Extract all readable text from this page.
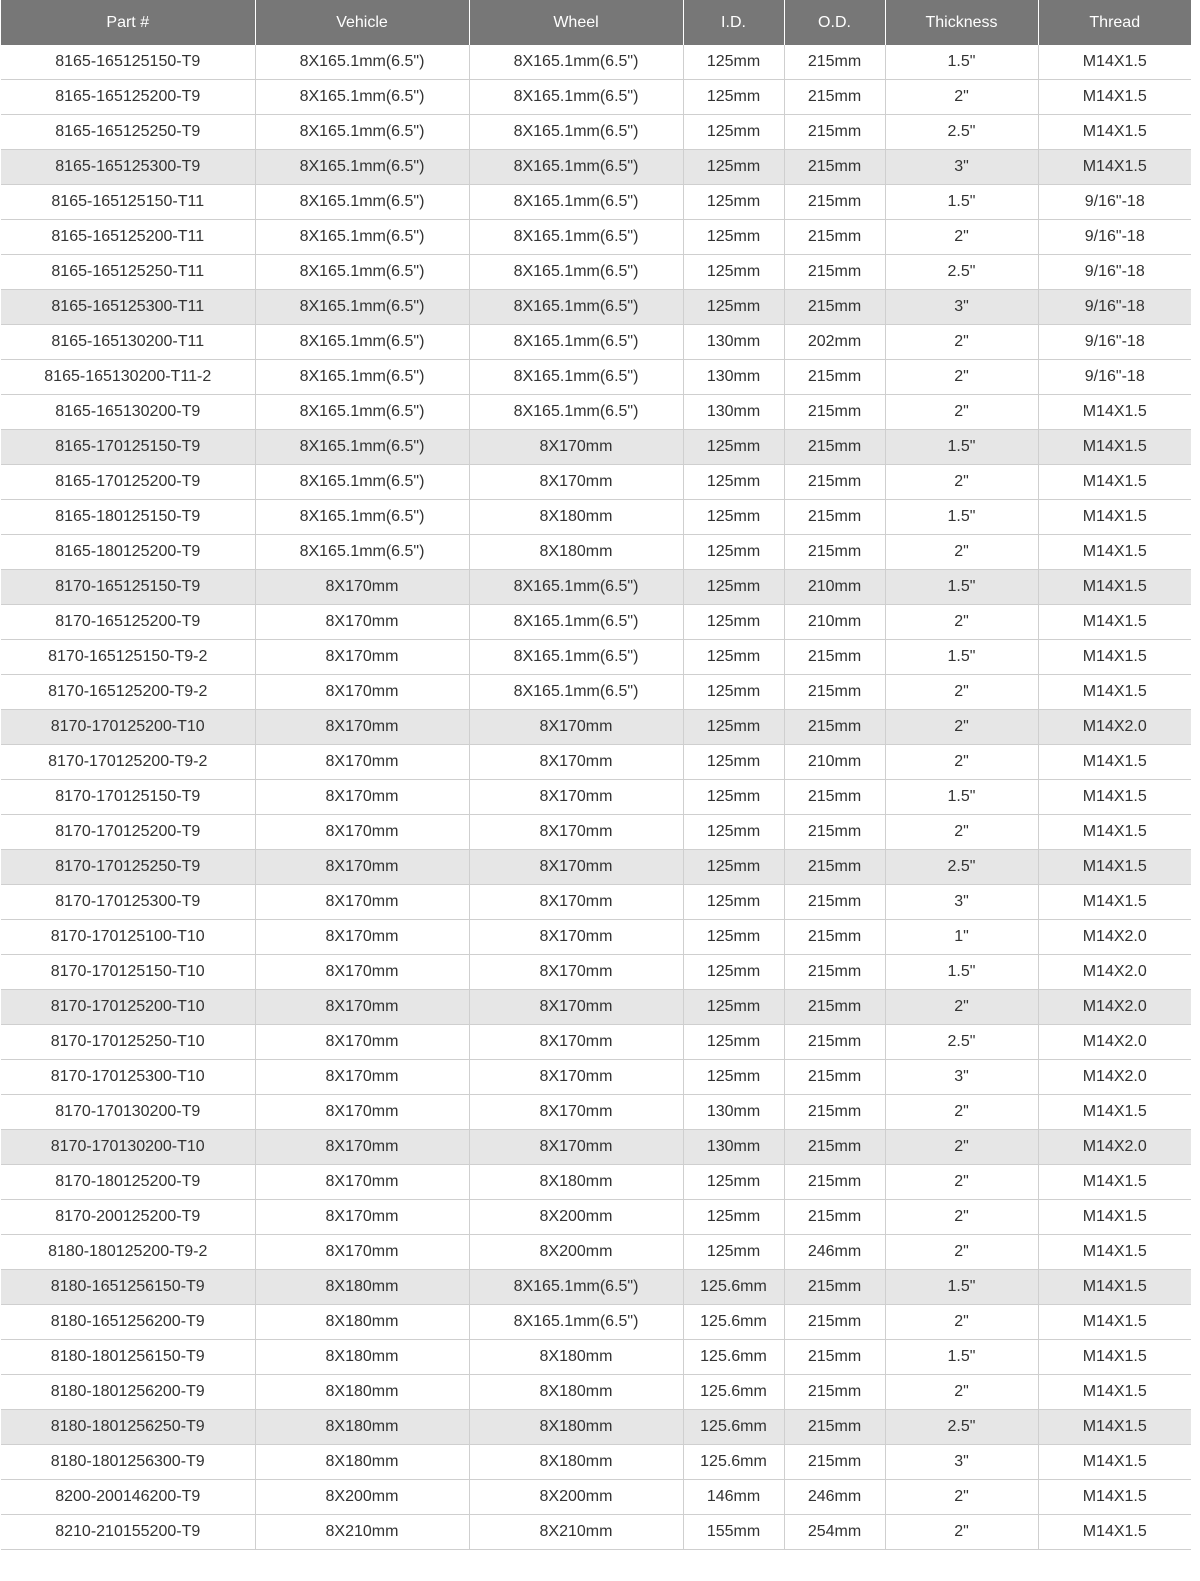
Part #	Vehicle	Wheel	I.D.	O.D.	Thickness	Thread
8165-165125150-T9	8X165.1mm(6.5")	8X165.1mm(6.5")	125mm	215mm	1.5"	M14X1.5
8165-165125200-T9	8X165.1mm(6.5")	8X165.1mm(6.5")	125mm	215mm	2"	M14X1.5
8165-165125250-T9	8X165.1mm(6.5")	8X165.1mm(6.5")	125mm	215mm	2.5"	M14X1.5
8165-165125300-T9	8X165.1mm(6.5")	8X165.1mm(6.5")	125mm	215mm	3"	M14X1.5
8165-165125150-T11	8X165.1mm(6.5")	8X165.1mm(6.5")	125mm	215mm	1.5"	9/16"-18
8165-165125200-T11	8X165.1mm(6.5")	8X165.1mm(6.5")	125mm	215mm	2"	9/16"-18
8165-165125250-T11	8X165.1mm(6.5")	8X165.1mm(6.5")	125mm	215mm	2.5"	9/16"-18
8165-165125300-T11	8X165.1mm(6.5")	8X165.1mm(6.5")	125mm	215mm	3"	9/16"-18
8165-165130200-T11	8X165.1mm(6.5")	8X165.1mm(6.5")	130mm	202mm	2"	9/16"-18
8165-165130200-T11-2	8X165.1mm(6.5")	8X165.1mm(6.5")	130mm	215mm	2"	9/16"-18
8165-165130200-T9	8X165.1mm(6.5")	8X165.1mm(6.5")	130mm	215mm	2"	M14X1.5
8165-170125150-T9	8X165.1mm(6.5")	8X170mm	125mm	215mm	1.5"	M14X1.5
8165-170125200-T9	8X165.1mm(6.5")	8X170mm	125mm	215mm	2"	M14X1.5
8165-180125150-T9	8X165.1mm(6.5")	8X180mm	125mm	215mm	1.5"	M14X1.5
8165-180125200-T9	8X165.1mm(6.5")	8X180mm	125mm	215mm	2"	M14X1.5
8170-165125150-T9	8X170mm	8X165.1mm(6.5")	125mm	210mm	1.5"	M14X1.5
8170-165125200-T9	8X170mm	8X165.1mm(6.5")	125mm	210mm	2"	M14X1.5
8170-165125150-T9-2	8X170mm	8X165.1mm(6.5")	125mm	215mm	1.5"	M14X1.5
8170-165125200-T9-2	8X170mm	8X165.1mm(6.5")	125mm	215mm	2"	M14X1.5
8170-170125200-T10	8X170mm	8X170mm	125mm	215mm	2"	M14X2.0
8170-170125200-T9-2	8X170mm	8X170mm	125mm	210mm	2"	M14X1.5
8170-170125150-T9	8X170mm	8X170mm	125mm	215mm	1.5"	M14X1.5
8170-170125200-T9	8X170mm	8X170mm	125mm	215mm	2"	M14X1.5
8170-170125250-T9	8X170mm	8X170mm	125mm	215mm	2.5"	M14X1.5
8170-170125300-T9	8X170mm	8X170mm	125mm	215mm	3"	M14X1.5
8170-170125100-T10	8X170mm	8X170mm	125mm	215mm	1"	M14X2.0
8170-170125150-T10	8X170mm	8X170mm	125mm	215mm	1.5"	M14X2.0
8170-170125200-T10	8X170mm	8X170mm	125mm	215mm	2"	M14X2.0
8170-170125250-T10	8X170mm	8X170mm	125mm	215mm	2.5"	M14X2.0
8170-170125300-T10	8X170mm	8X170mm	125mm	215mm	3"	M14X2.0
8170-170130200-T9	8X170mm	8X170mm	130mm	215mm	2"	M14X1.5
8170-170130200-T10	8X170mm	8X170mm	130mm	215mm	2"	M14X2.0
8170-180125200-T9	8X170mm	8X180mm	125mm	215mm	2"	M14X1.5
8170-200125200-T9	8X170mm	8X200mm	125mm	215mm	2"	M14X1.5
8180-180125200-T9-2	8X170mm	8X200mm	125mm	246mm	2"	M14X1.5
8180-1651256150-T9	8X180mm	8X165.1mm(6.5")	125.6mm	215mm	1.5"	M14X1.5
8180-1651256200-T9	8X180mm	8X165.1mm(6.5")	125.6mm	215mm	2"	M14X1.5
8180-1801256150-T9	8X180mm	8X180mm	125.6mm	215mm	1.5"	M14X1.5
8180-1801256200-T9	8X180mm	8X180mm	125.6mm	215mm	2"	M14X1.5
8180-1801256250-T9	8X180mm	8X180mm	125.6mm	215mm	2.5"	M14X1.5
8180-1801256300-T9	8X180mm	8X180mm	125.6mm	215mm	3"	M14X1.5
8200-200146200-T9	8X200mm	8X200mm	146mm	246mm	2"	M14X1.5
8210-210155200-T9	8X210mm	8X210mm	155mm	254mm	2"	M14X1.5
